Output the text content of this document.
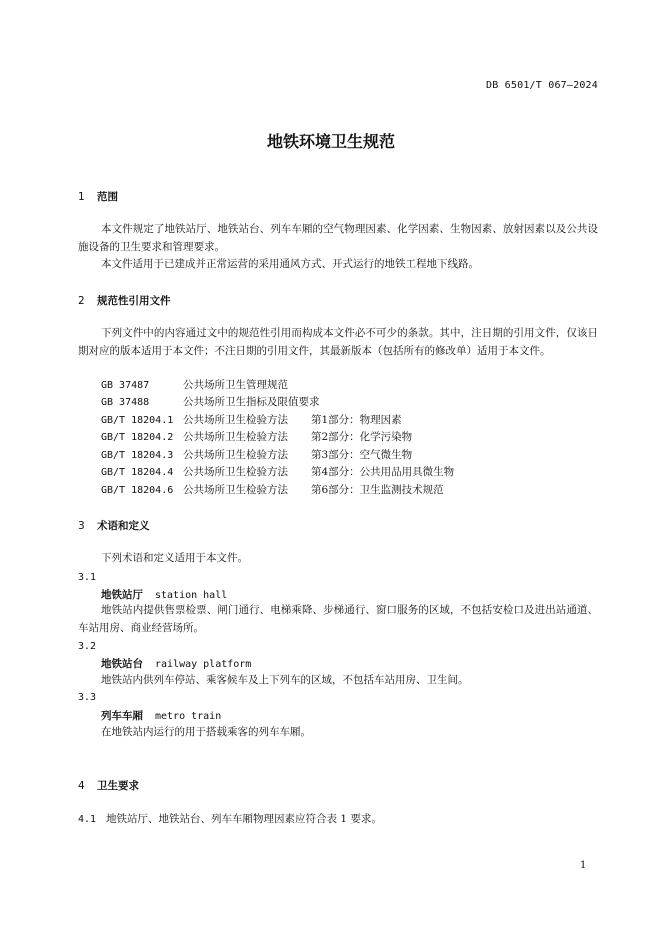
DB 6501/T 067—2024
地铁环境卫生规范
1 范围

本文件规定了地铁站厅、地铁站台、列车车厢的空气物理因素、化学因素、生物因素、放射因素以及公共设施设备的卫生要求和管理要求。

本文件适用于已建成并正常运营的采用通风方式、开式运行的地铁工程地下线路。

2 规范性引用文件

下列文件中的内容通过文中的规范性引用而构成本文件必不可少的条款。其中，注日期的引用文件，仅该日期对应的版本适用于本文件；不注日期的引用文件，其最新版本（包括所有的修改单）适用于本文件。

GB 37487	公共场所卫生管理规范
GB 37488	公共场所卫生指标及限值要求
GB/T 18204.1 公共场所卫生检验方法 第1部分：物理因素
GB/T 18204.2 公共场所卫生检验方法 第2部分：化学污染物
GB/T 18204.3 公共场所卫生检验方法 第3部分：空气微生物
GB/T 18204.4 公共场所卫生检验方法 第4部分：公共用品用具微生物
GB/T 18204.6 公共场所卫生检验方法 第6部分：卫生监测技术规范
3 术语和定义
下列术语和定义适用于本文件。
3.1
地铁站厅 station hall

地铁站内提供售票检票、闸门通行、电梯乘降、步梯通行、窗口服务的区域，不包括安检口及进出站通道、车站用房、商业经营场所。

3.2
地铁站台 railway platform

地铁站内供列车停站、乘客候车及上下列车的区域，不包括车站用房、卫生间。

3.3
列车车厢 metro train

在地铁站内运行的用于搭载乘客的列车车厢。

4 卫生要求
4.1 地铁站厅、地铁站台、列车车厢物理因素应符合表 1 要求。
1
